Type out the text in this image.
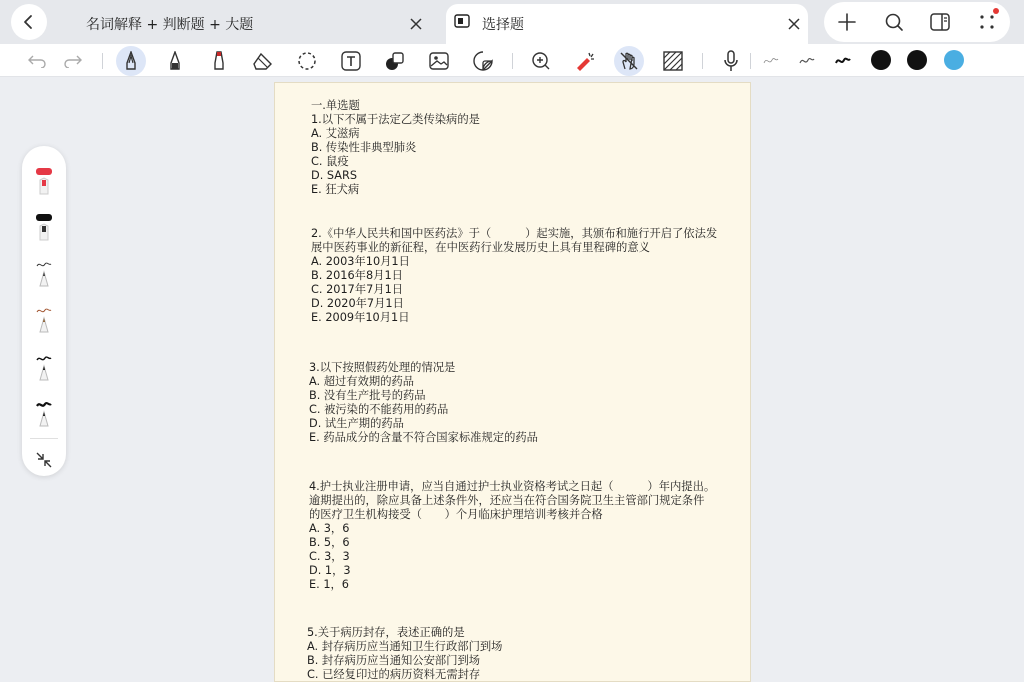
名词解释 + 判断题 + 大题	选择题
一.单选题
1.以下不属于法定乙类传染病的是
A. 艾滋病
B. 传染性非典型肺炎
C. 鼠疫
D. SARS
E. 狂犬病
2.《中华人民共和国中医药法》于（　　　）起实施，其颁布和施行开启了依法发
展中医药事业的新征程，在中医药行业发展历史上具有里程碑的意义
A. 2003年10月1日
B. 2016年8月1日
C. 2017年7月1日
D. 2020年7月1日
E. 2009年10月1日
3.以下按照假药处理的情况是
A. 超过有效期的药品
B. 没有生产批号的药品
C. 被污染的不能药用的药品
D. 试生产期的药品
E. 药品成分的含量不符合国家标准规定的药品
4.护士执业注册申请，应当自通过护士执业资格考试之日起（　　　）年内提出。
逾期提出的，除应具备上述条件外，还应当在符合国务院卫生主管部门规定条件
的医疗卫生机构接受（　　）个月临床护理培训考核并合格
A. 3，6
B. 5，6
C. 3，3
D. 1，3
E. 1，6
5.关于病历封存，表述正确的是
A. 封存病历应当通知卫生行政部门到场
B. 封存病历应当通知公安部门到场
C. 已经复印过的病历资料无需封存
